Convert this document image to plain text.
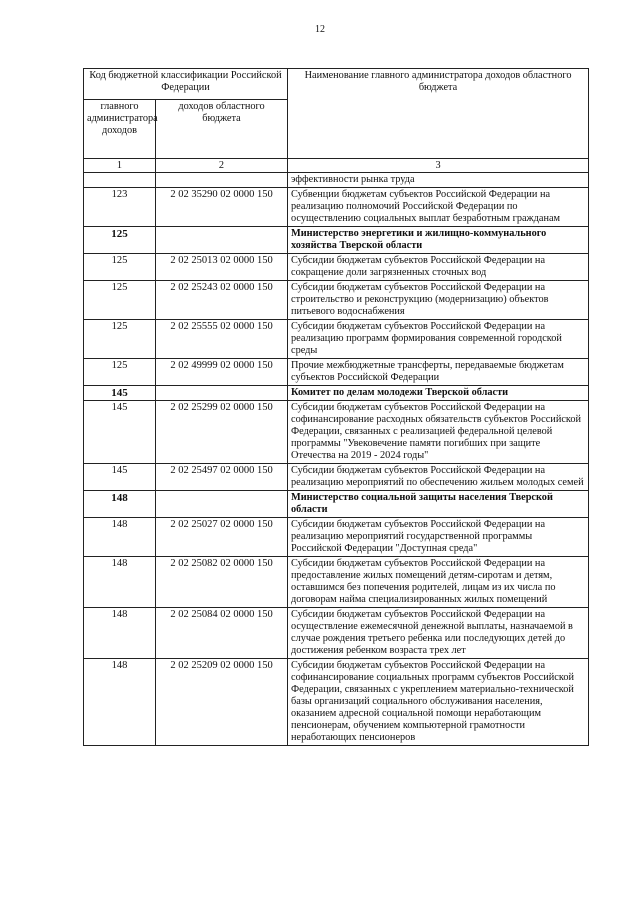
12
Код бюджетной классификации Российской Федерации		Наименование главного администратора доходов областного бюджета
главного администратора доходов	доходов областного бюджета	
1	2	3
		эффективности рынка труда
123	2 02 35290 02 0000 150	Субвенции бюджетам субъектов Российской Федерации на реализацию полномочий Российской Федерации по осуществлению социальных выплат безработным гражданам
125		Министерство энергетики и жилищно-коммунального хозяйства Тверской области
125	2 02 25013 02 0000 150	Субсидии бюджетам субъектов Российской Федерации на сокращение доли загрязненных сточных вод
125	2 02 25243 02 0000 150	Субсидии бюджетам субъектов Российской Федерации на строительство и реконструкцию (модернизацию) объектов питьевого водоснабжения
125	2 02 25555 02 0000 150	Субсидии бюджетам субъектов Российской Федерации на реализацию программ формирования современной городской среды
125	2 02 49999 02 0000 150	Прочие межбюджетные трансферты, передаваемые бюджетам субъектов Российской Федерации
145		Комитет по делам молодежи Тверской области
145	2 02 25299 02 0000 150	Субсидии бюджетам субъектов Российской Федерации на софинансирование расходных обязательств субъектов Российской Федерации, связанных с реализацией федеральной целевой программы "Увековечение памяти погибших при защите Отечества на 2019 - 2024 годы"
145	2 02 25497 02 0000 150	Субсидии бюджетам субъектов Российской Федерации на реализацию мероприятий по обеспечению жильем молодых семей
148		Министерство социальной защиты населения Тверской области
148	2 02 25027 02 0000 150	Субсидии бюджетам субъектов Российской Федерации на реализацию мероприятий государственной программы Российской Федерации "Доступная среда"
148	2 02 25082 02 0000 150	Субсидии бюджетам субъектов Российской Федерации на предоставление жилых помещений детям-сиротам и детям, оставшимся без попечения родителей, лицам из их числа по договорам найма специализированных жилых помещений
148	2 02 25084 02 0000 150	Субсидии бюджетам субъектов Российской Федерации на осуществление ежемесячной денежной выплаты, назначаемой в случае рождения третьего ребенка или последующих детей до достижения ребенком возраста трех лет
148	2 02 25209 02 0000 150	Субсидии бюджетам субъектов Российской Федерации на софинансирование социальных программ субъектов Российской Федерации, связанных с укреплением материально-технической базы организаций социального обслуживания населения, оказанием адресной социальной помощи неработающим пенсионерам, обучением компьютерной грамотности неработающих пенсионеров
